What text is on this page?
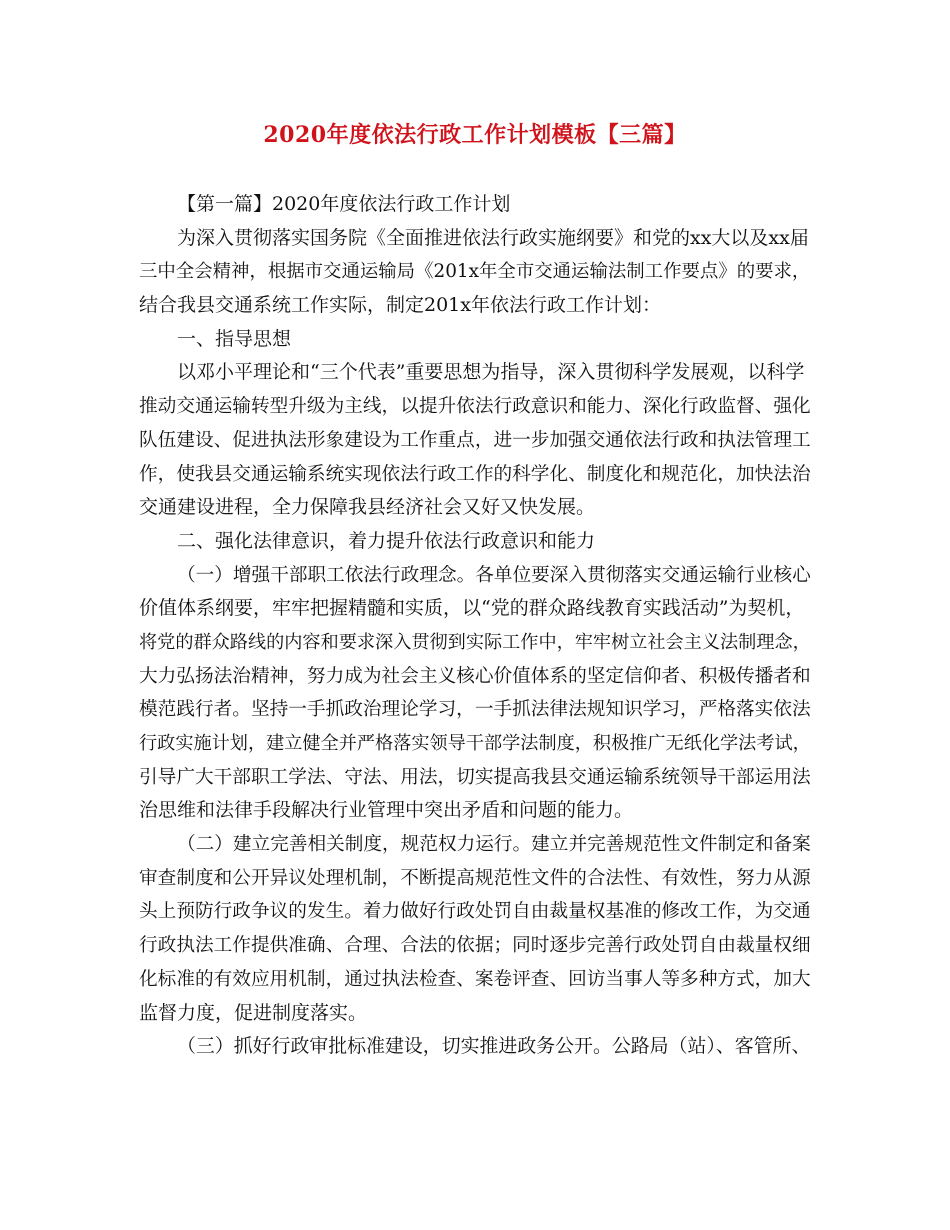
2020年度依法行政工作计划模板【三篇】
【第一篇】2020年度依法行政工作计划
为深入贯彻落实国务院《全面推进依法行政实施纲要》和党的xx大以及xx届
三中全会精神，根据市交通运输局《201x年全市交通运输法制工作要点》的要求，
结合我县交通系统工作实际，制定201x年依法行政工作计划：
一、指导思想
以邓小平理论和“三个代表”重要思想为指导，深入贯彻科学发展观，以科学
推动交通运输转型升级为主线，以提升依法行政意识和能力、深化行政监督、强化
队伍建设、促进执法形象建设为工作重点，进一步加强交通依法行政和执法管理工
作，使我县交通运输系统实现依法行政工作的科学化、制度化和规范化，加快法治
交通建设进程，全力保障我县经济社会又好又快发展。
二、强化法律意识，着力提升依法行政意识和能力
（一）增强干部职工依法行政理念。各单位要深入贯彻落实交通运输行业核心
价值体系纲要，牢牢把握精髓和实质，以“党的群众路线教育实践活动”为契机，
将党的群众路线的内容和要求深入贯彻到实际工作中，牢牢树立社会主义法制理念，
大力弘扬法治精神，努力成为社会主义核心价值体系的坚定信仰者、积极传播者和
模范践行者。坚持一手抓政治理论学习，一手抓法律法规知识学习，严格落实依法
行政实施计划，建立健全并严格落实领导干部学法制度，积极推广无纸化学法考试，
引导广大干部职工学法、守法、用法，切实提高我县交通运输系统领导干部运用法
治思维和法律手段解决行业管理中突出矛盾和问题的能力。
（二）建立完善相关制度，规范权力运行。建立并完善规范性文件制定和备案
审查制度和公开异议处理机制，不断提高规范性文件的合法性、有效性，努力从源
头上预防行政争议的发生。着力做好行政处罚自由裁量权基准的修改工作，为交通
行政执法工作提供准确、合理、合法的依据；同时逐步完善行政处罚自由裁量权细
化标准的有效应用机制，通过执法检查、案卷评查、回访当事人等多种方式，加大
监督力度，促进制度落实。
（三）抓好行政审批标准建设，切实推进政务公开。公路局（站）、客管所、
